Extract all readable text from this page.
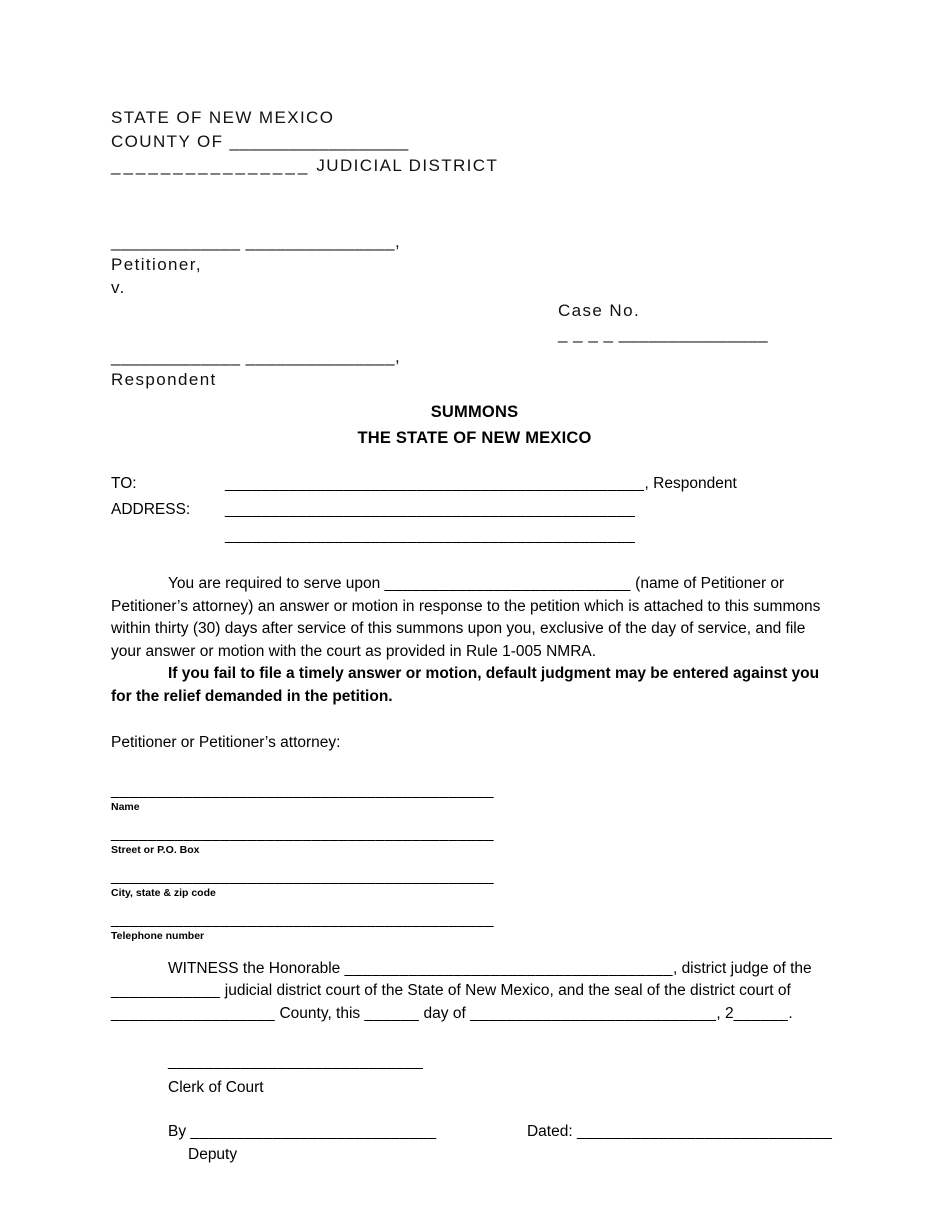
STATE OF NEW MEXICO
COUNTY OF __________________
________________ JUDICIAL DISTRICT
_____________ _______________,
Petitioner,
v.
Case No.  _ _ _ _ _______________
_____________ _______________,
Respondent
SUMMONS
THE STATE OF NEW MEXICO
TO:	______________________________________________, Respondent
ADDRESS: _____________________________________________
_____________________________________________

You are required to serve upon ___________________________ (name of Petitioner or Petitioner’s attorney) an answer or motion in response to the petition which is attached to this summons within thirty (30) days after service of this summons upon you, exclusive of the day of service, and file your answer or motion with the court as provided in Rule 1-005 NMRA.

If you fail to file a timely answer or motion, default judgment may be entered against you for the relief demanded in the petition.

Petitioner or Petitioner’s attorney:

__________________________________________
Name
__________________________________________
Street or P.O. Box
__________________________________________
City, state & zip code
__________________________________________
Telephone number

WITNESS the Honorable ____________________________________, district judge of the ____________ judicial district court of the State of New Mexico, and the seal of the district court of __________________ County, this ______ day of ___________________________, 2______.

____________________________
Clerk of Court
By ___________________________	Dated: ____________________________
Deputy
